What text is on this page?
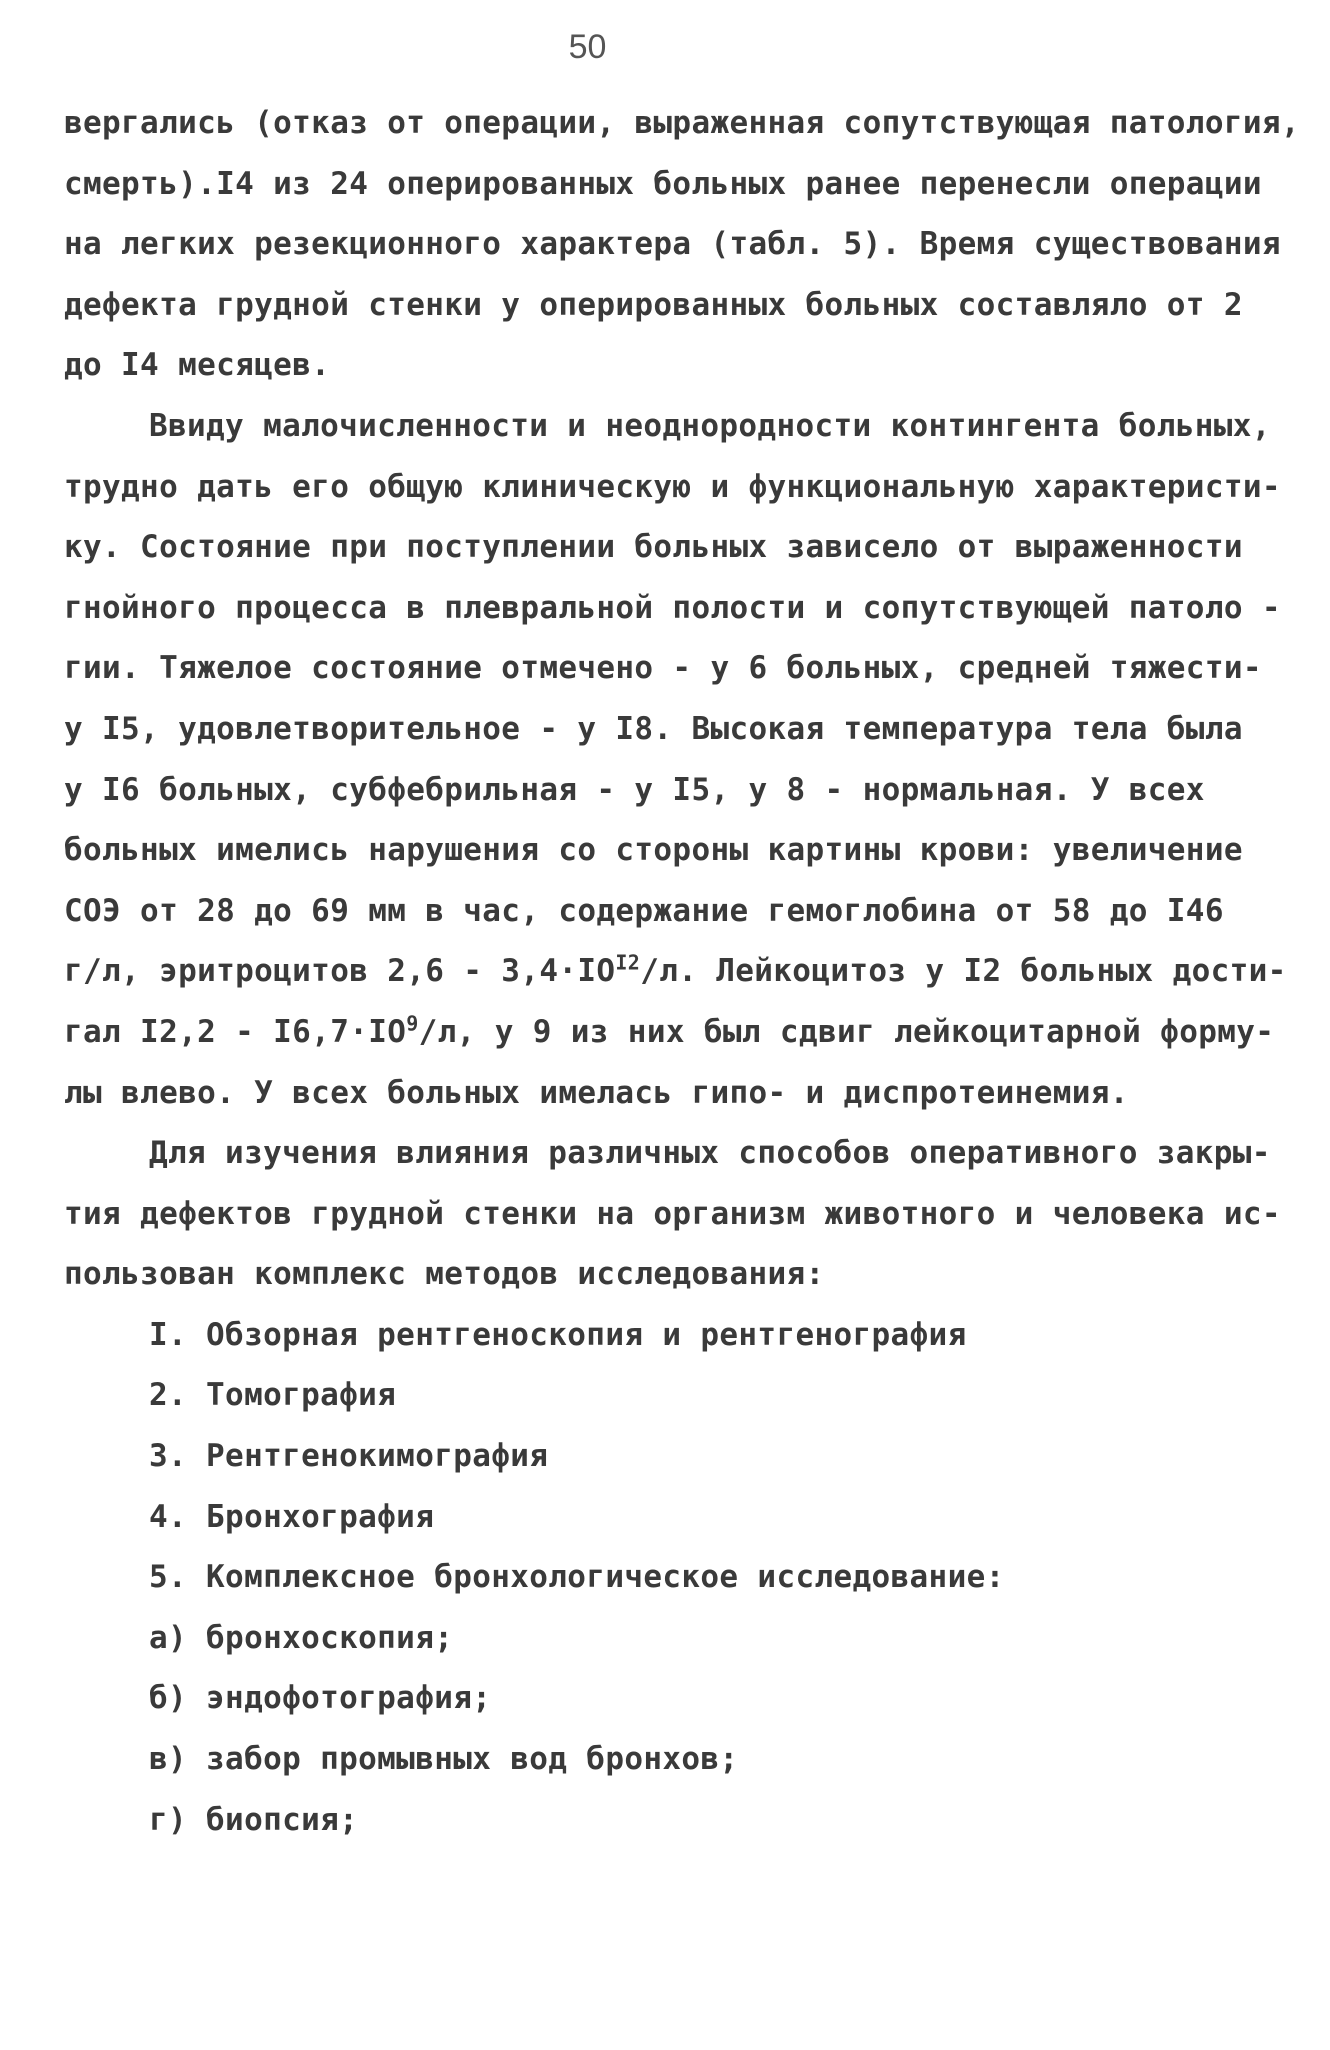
50
вергались (отказ от операции, выраженная сопутствующая патология,
смерть).I4 из 24 оперированных больных ранее перенесли операции
на легких резекционного характера (табл. 5). Время существования
дефекта грудной стенки у оперированных больных составляло от 2
до I4 месяцев.
Ввиду малочисленности и неоднородности контингента больных,
трудно дать его общую клиническую и функциональную характеристи-
ку. Состояние при поступлении больных зависело от выраженности
гнойного процесса в плевральной полости и сопутствующей патоло -
гии. Тяжелое состояние отмечено - у 6 больных, средней тяжести-
у I5, удовлетворительное - у I8. Высокая температура тела была
у I6 больных, субфебрильная - у I5, у 8 - нормальная. У всех
больных имелись нарушения со стороны картины крови: увеличение
СОЭ от 28 до 69 мм в час, содержание гемоглобина от 58 до I46
г/л, эритроцитов $2,6 - 3,4\cdot IO^{I2}/л$. Лейкоцитоз у I2 больных дости-
гал $I2,2 - I6,7\cdot IO^9/л$, у 9 из них был сдвиг лейкоцитарной форму-
лы влево. У всех больных имелась гипо- и диспротеинемия.
Для изучения влияния различных способов оперативного закры-
тия дефектов грудной стенки на организм животного и человека ис-
пользован комплекс методов исследования:
I. Обзорная рентгеноскопия и рентгенография
2. Томография
3. Рентгенокимография
4. Бронхография
5. Комплексное бронхологическое исследование:
а) бронхоскопия;
б) эндофотография;
в) забор промывных вод бронхов;
г) биопсия;
